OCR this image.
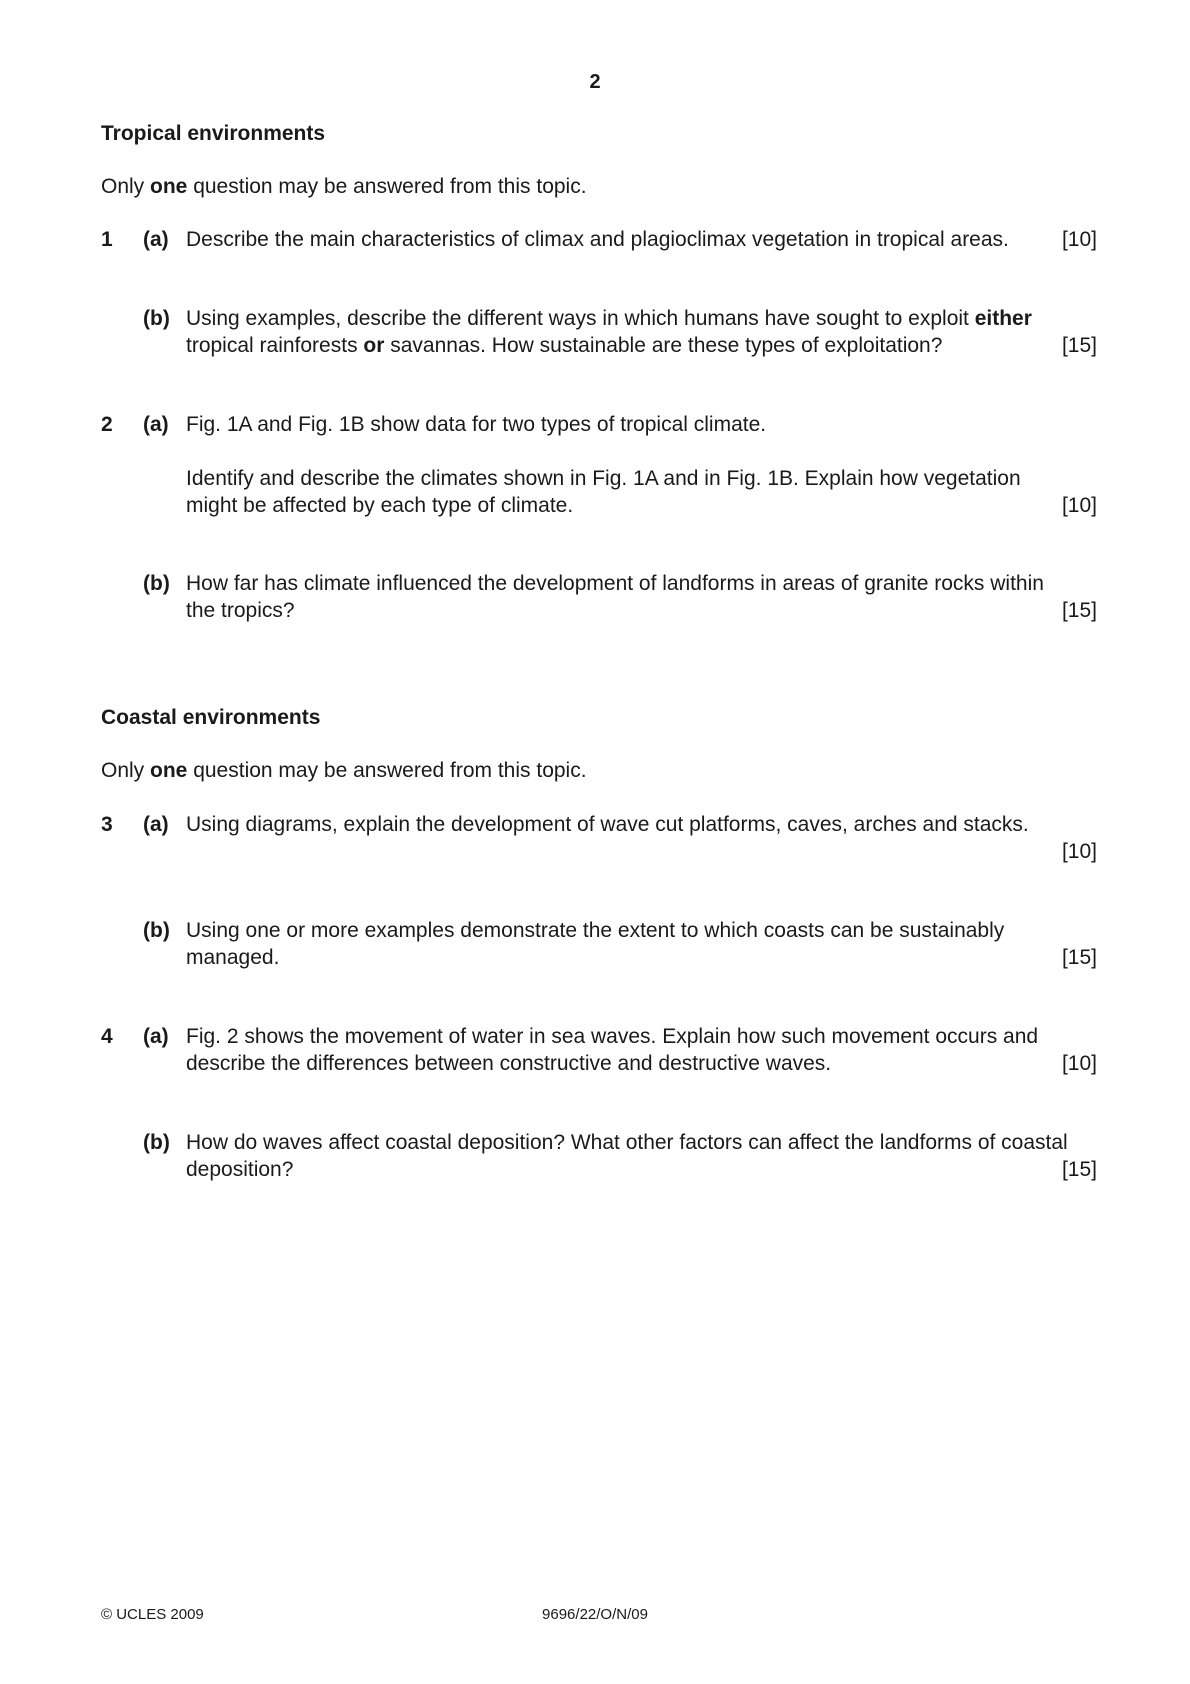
2
Tropical environments
Only one question may be answered from this topic.
1 (a) Describe the main characteristics of climax and plagioclimax vegetation in tropical areas.	[10]
(b) Using examples, describe the different ways in which humans have sought to exploit either
tropical rainforests or savannas. How sustainable are these types of exploitation?	[15]
2 (a) Fig. 1A and Fig. 1B show data for two types of tropical climate.
Identify and describe the climates shown in Fig. 1A and in Fig. 1B. Explain how vegetation
might be affected by each type of climate.	[10]
(b) How far has climate influenced the development of landforms in areas of granite rocks within
the tropics?	[15]
Coastal environments
Only one question may be answered from this topic.
3 (a) Using diagrams, explain the development of wave cut platforms, caves, arches and stacks.
[10]
(b) Using one or more examples demonstrate the extent to which coasts can be sustainably
managed.	[15]
4 (a) Fig. 2 shows the movement of water in sea waves. Explain how such movement occurs and
describe the differences between constructive and destructive waves.	[10]
(b) How do waves affect coastal deposition? What other factors can affect the landforms of coastal
deposition?	[15]
© UCLES 2009	9696/22/O/N/09
